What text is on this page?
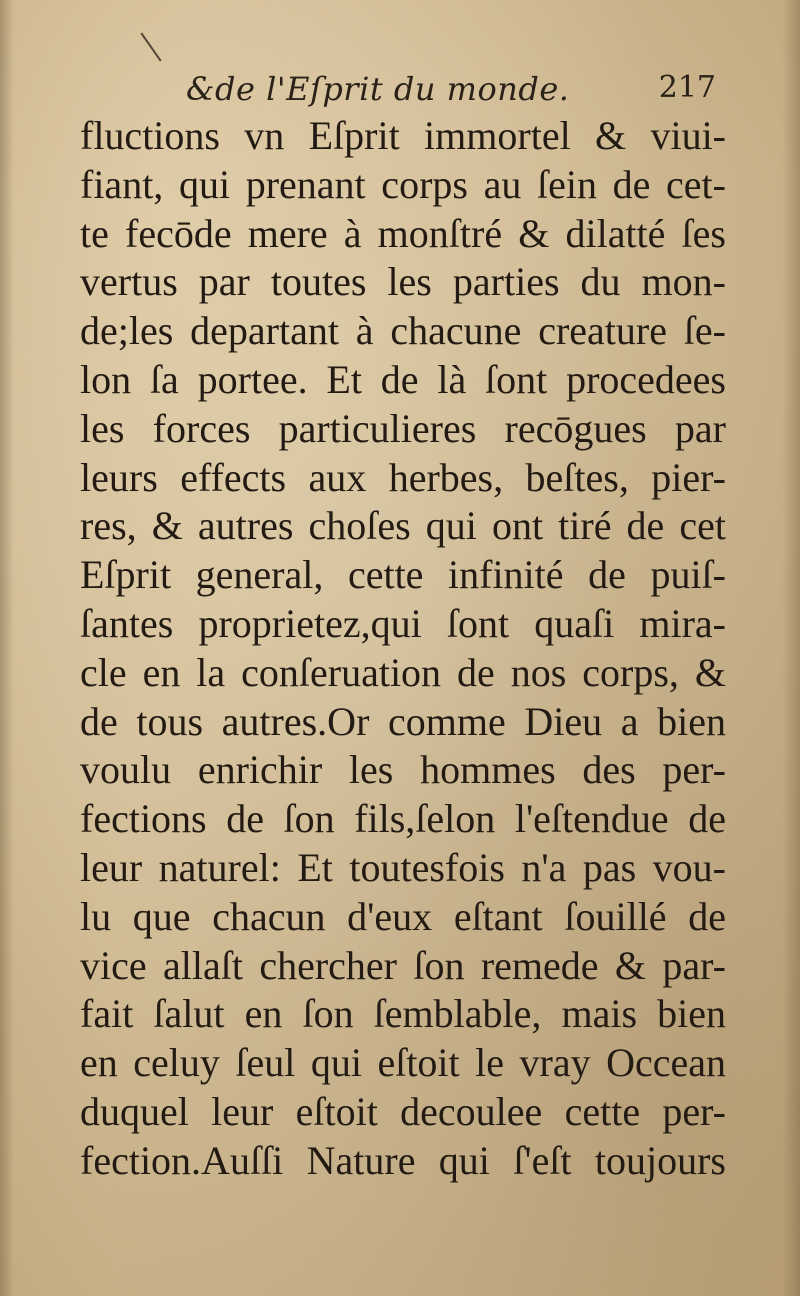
&de l'Eſprit du monde.	217
fluctions vn Eſprit immortel & viui-
fiant, qui prenant corps au ſein de cet-
te fecōde mere à monſtré & dilatté ſes
vertus par toutes les parties du mon-
de;les departant à chacune creature ſe-
lon ſa portee. Et de là ſont procedees
les forces particulieres recōgues par
leurs effects aux herbes, beſtes, pier-
res, & autres choſes qui ont tiré de cet
Eſprit general, cette infinité de puiſ-
ſantes proprietez,qui ſont quaſi mira-
cle en la conſeruation de nos corps, &
de tous autres.Or comme Dieu a bien
voulu enrichir les hommes des per-
fections de ſon fils,ſelon l'eſtendue de
leur naturel: Et toutesfois n'a pas vou-
lu que chacun d'eux eſtant ſouillé de
vice allaſt chercher ſon remede & par-
fait ſalut en ſon ſemblable, mais bien
en celuy ſeul qui eſtoit le vray Occean
duquel leur eſtoit decoulee cette per-
fection.Auſſi Nature qui ſ'eſt toujours
